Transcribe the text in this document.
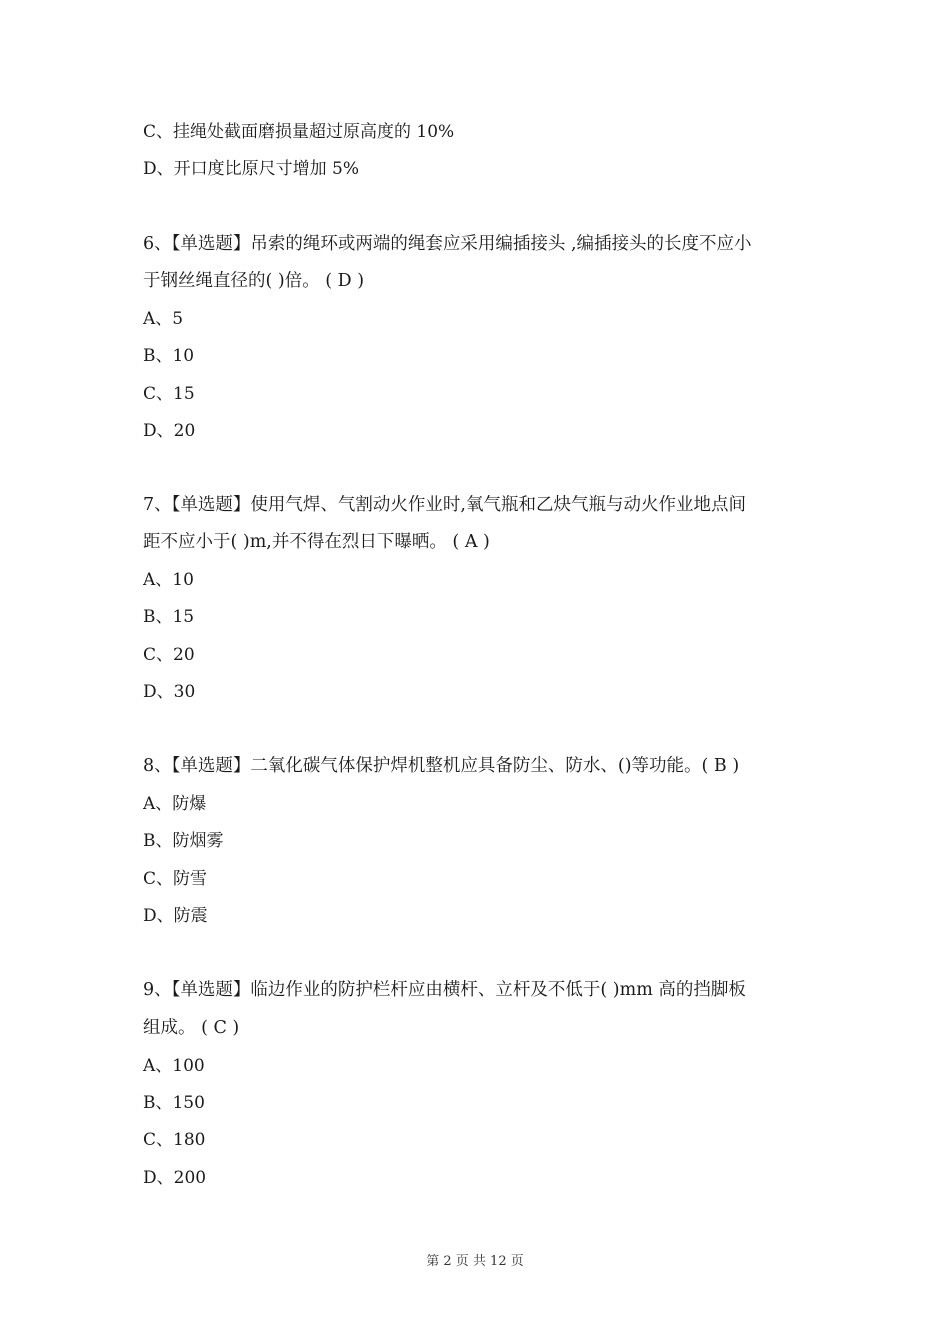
C、挂绳处截面磨损量超过原高度的 10%
D、开口度比原尺寸增加 5%
6、【单选题】吊索的绳环或两端的绳套应采用编插接头 ,编插接头的长度不应小
于钢丝绳直径的( )倍。 ( D )
A、5
B、10
C、15
D、20
7、【单选题】使用气焊、气割动火作业时,氧气瓶和乙炔气瓶与动火作业地点间
距不应小于( )m,并不得在烈日下曝晒。 ( A )
A、10
B、15
C、20
D、30
8、【单选题】二氧化碳气体保护焊机整机应具备防尘、防水、()等功能。( B )
A、防爆
B、防烟雾
C、防雪
D、防震
9、【单选题】临边作业的防护栏杆应由横杆、立杆及不低于( )mm 高的挡脚板
组成。 ( C )
A、100
B、150
C、180
D、200
第 2 页 共 12 页
